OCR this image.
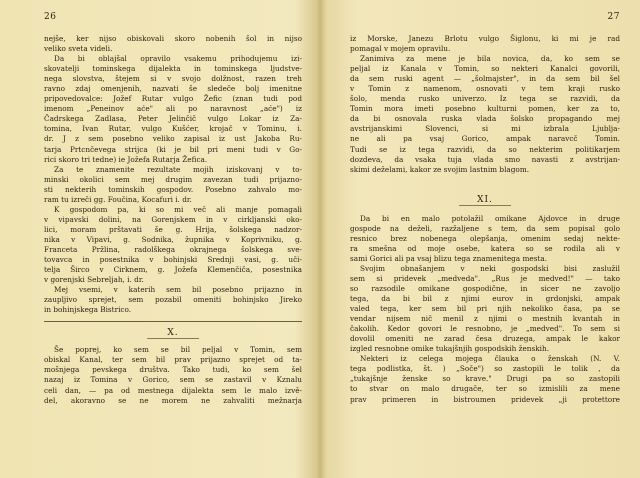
26
nejše, ker nijso obiskovali skoro nobenih šol in nijso
veliko sveta videli.
Da bi oblajšal opravilo vsakemu prihodujemu izi-
skovatelji tominskega dijalekta in tominskega ljudstve-
nega slovstva, štejem si v svojo dolžnost, razen treh
ravno zdaj omenjenih, nazvati še sledeče bolj imenitne
pripovedovalce: Jožef Rutar vulgo Žefic (znan tudi pod
imenom „Peneinov aće" ali po naravnost „aće") iz
Čadrskega Zadlasa, Peter Jelinčič vulgo Lokar iz Za-
tomina, Ivan Rutar, vulgo Kušćer, krojač v Tominu, i.
dr. J z sem posebno veliko zapisal iz ust Jakoba Ru-
tarja Prtcnčevega strijca (ki je bil pri meni tudi v Go-
rici skoro tri tedne) ie Jožefa Rutarja Žefica.
Za te znamenite rezultate mojih iziskovanj v to-
minski okolici sem mej drugim zavezan tudi prijazno-
sti nekterih tominskih gospodov. Posebno zahvalo mo-
ram tu izreči gg. Foučina, Kocafuri i. dr.
K gospodom pa, ki so mi več ali manje pomagali
v vipavski dolini, na Gorenjskem in v cirkljanski oko-
lici, moram prštavati še g. Hrija, šolskega nadzor-
nika v Vipavi, g. Sodnika, župnika v Koprivniku, g.
Franceta Pržlina, radolškega okrajnega šolskega sve-
tovavca in posestnika v bohinjski Srednji vasi, g. uči-
telja Širco v Cirknem, g. Jožefa Klemenčiča, posestnika
v gorenjski Sebreljah, i. dr.
Mej vsemi, v katerih sem bil posebno prijazno in
zaupljivo sprejet, sem pozabil omeniti bohinjsko Jireko
in bohinjskega Bistrico.
X.
Še poprej, ko sem se bil peljal v Tomin, sem
obiskal Kanal, ter sem bil prav prijazno sprejet od ta-
mošnjega pevskega društva. Tako tudi, ko sem šel
nazaj iz Tomina v Gorico, sem se zastavil v Kznalu
celi dan, — pa od mestnega dijalekta sem le malo izvě-
del, akoravno se ne morem ne zahvaliti mežnarja
27
iz Morske, Janezu Brlotu vulgo Šiglonu, ki mi je rad
pomagal v mojem opravilu.
Zanimiva za mene je bila novica, da, ko sem se
peljal iz Kanala v Tomin, so nekteri Kanalci govorili,
da sem ruski agent — „šolmajster", in da sem bil šel
v Tomin z namenom, osnovati v tem kraji rusko
šolo, menda rusko univerzo. Iz tega se razvidi, da
Tomin mora imeti posebno kulturni pomen, ker za to,
da bi osnovala ruska vlada šolsko propagando mej
avstrijanskimi Slovenci, si mi izbrala Ljublja-
ne ali pa vsaj Gorico, ampak naravcč Tomin.
Tudi se iz tega razvidi, da so nekterim politikarjem
dozdeva, da vsaka tuja vlada smo navasti z avstrijan-
skimi deželami, kakor ze svojim lastnim blagom.
XI.
Da bi en malo potolažil omikane Ajdovce in druge
gospode na deželi, razžaljene s tem, da sem popisal golo
resnico brez nobenega olepšanja, omenim sedaj nekte-
ra smešna od moje osebe, katera so se rodila ali v
sami Gorici ali pa vsaj blizu tega znamenitega mesta.
Svojim obnašanjem v neki gospodski bisi zaslužil
sem si pridevek „medveda". „Rus je medved!" — tako
so razsodile omikane gospodične, in sicer ne zavoljo
tega, da bi bil z njimi eurov in grdonjski, ampak
valed tega, ker sem bil pri njih nekoliko časa, pa se
vendar nijsem nič menil z njimi o mestnih kvantah in
čakolih. Kedor govori le resnobno, je „medved". To sem si
dovolil omeniti ne zarad česa druzega, ampak le kakor
izgled resnobne omike tukajšnjih gospodskih ženskih.
Nekteri iz celega mojega člauka o ženskah (N. V.
tega podlistka, št. ) „Soče") so zastopili le tolik , da
„tukajšnje ženske so krave." Drugi pa so zastopili
to stvar on malo drugače, ter so izmislili za mene
prav primeren in bistroumen pridevek „ji protettore
